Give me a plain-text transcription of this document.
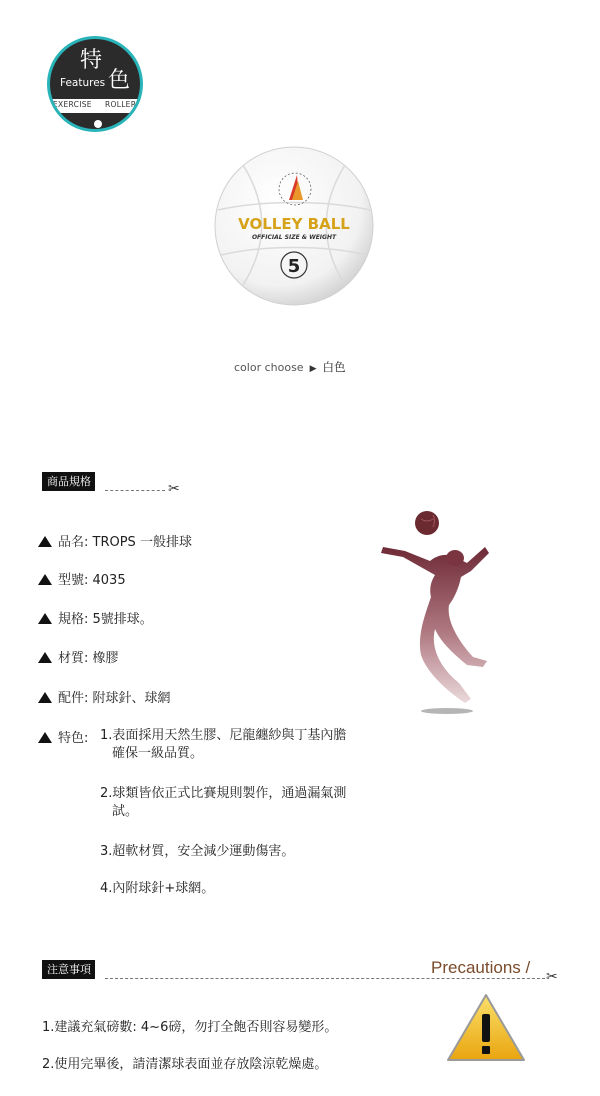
特
色
Features
EXERCISE ROLLER
VOLLEY BALL
OFFICIAL SIZE & WEIGHT
5
color choose ▶ 白色
商品規格	✂
品名: TROPS 一般排球
型號: 4035
規格: 5號排球。
材質: 橡膠
配件: 附球針、球網
特色: 1.表面採用天然生膠、尼龍纏紗與丁基內膽
確保一級品質。
2.球類皆依正式比賽規則製作，通過漏氣測
試。
3.超軟材質，安全減少運動傷害。
4.內附球針+球網。
注意事項	Precautions / ✂
1.建議充氣磅數: 4~6磅，勿打全飽否則容易變形。
2.使用完畢後，請清潔球表面並存放陰涼乾燥處。
